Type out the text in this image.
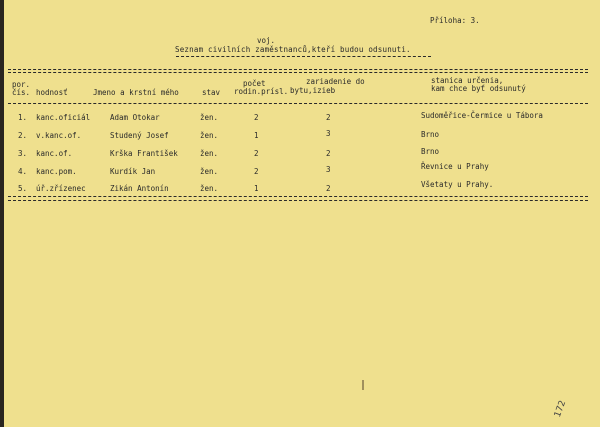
Příloha: 3.
voj.
Seznam civilních zaměstnanců,kteří budou odsunuti.
por.
čís. hodnosť	Jmeno a krstní mého	stav
počet
rodin.prísl.
zariadenie do
bytu,izieb
stanica určenia,
kam chce byť odsunutý
1. kanc.oficiál	Adam Otokar	žen.	2	2	Sudoměřice-Čermice u Tábora
2. v.kanc.of.	Studený Josef	žen.	1	3	Brno
3. kanc.of.	Krška František	žen.	2	2	Brno
4. kanc.pom.	Kurdík Jan	žen.	2	3	Řevnice u Prahy
5. úř.zřízenec	Zikán Antonín	žen.	1	2	Všetaty u Prahy.
172
